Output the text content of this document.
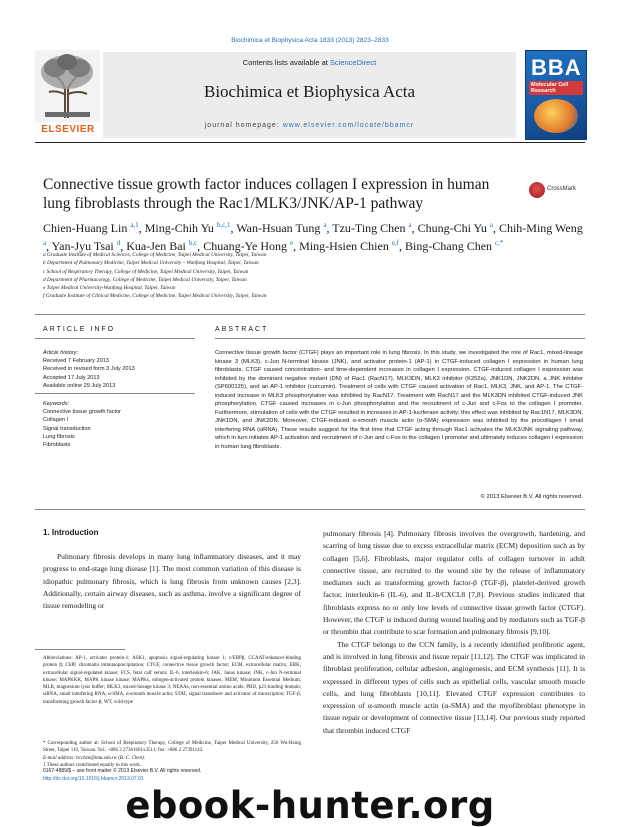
Biochimica et Biophysica Acta 1833 (2013) 2823–2833
ELSEVIER
Contents lists available at ScienceDirect
Biochimica et Biophysica Acta
journal homepage: www.elsevier.com/locate/bbamcr
BBA
Molecular Cell Research
Connective tissue growth factor induces collagen I expression in human lung fibroblasts through the Rac1/MLK3/JNK/AP-1 pathway
CrossMark
Chien-Huang Lin $^{a,1}$, Ming-Chih Yu $^{b,c,1}$, Wan-Hsuan Tung $^a$, Tzu-Ting Chen $^a$, Chung-Chi Yu $^a$, Chih-Ming Weng $^a$, Yan-Jyu Tsai $^d$, Kua-Jen Bai $^{b,c}$, Chuang-Ye Hong $^e$, Ming-Hsien Chien $^{e,f}$, Bing-Chang Chen $^{c,*}$
a Graduate Institute of Medical Sciences, College of Medicine, Taipei Medical University, Taipei, Taiwan
b Department of Pulmonary Medicine, Taipei Medical University – Wanfang Hospital, Taipei, Taiwan
c School of Respiratory Therapy, College of Medicine, Taipei Medical University, Taipei, Taiwan
d Department of Pharmacology, College of Medicine, Taipei Medical University, Taipei, Taiwan
e Taipei Medical University-Wanfang Hospital, Taipei, Taiwan
f Graduate Institute of Clinical Medicine, College of Medicine, Taipei Medical University, Taipei, Taiwan
ARTICLE INFO	ABSTRACT
Article history:
Received 7 February 2013
Received in revised form 3 July 2013
Accepted 17 July 2013
Available online 29 July 2013
Keywords:
Connective tissue growth factor
Collagen I
Signal transduction
Lung fibrosis
Fibroblasts
Connective tissue growth factor (CTGF) plays an important role in lung fibrosis. In this study, we investigated the role of Rac1, mixed-lineage kinase 3 (MLK3), c-Jun N-terminal kinase (JNK), and activator protein-1 (AP-1) in CTGF-induced collagen I expression in human lung fibroblasts. CTGF caused concentration- and time-dependent increases in collagen I expression. CTGF-induced collagen I expression was inhibited by the dominant negative mutant (DN) of Rac1 (RacN17), MLK3DN, MLK3 inhibitor (K252a), JNK1DN, JNK2DN, a JNK inhibitor (SP600125), and an AP-1 inhibitor (curcumin). Treatment of cells with CTGF caused activation of Rac1, MLK3, JNK, and AP-1. The CTGF-induced increase in MLK3 phosphorylation was inhibited by RacN17. Treatment with RacN17 and the MLK3DN inhibited CTGF-induced JNK phosphorylation. CTGF caused increases in c-Jun phosphorylation and the recruitment of c-Jun and c-Fos to the collagen I promoter. Furthermore, stimulation of cells with the CTGF resulted in increases in AP-1-luciferase activity; this effect was inhibited by Rac1N17, MLK3DN, JNK1DN, and JNK2DN. Moreover, CTGF-induced α-smooth muscle actin (α-SMA) expression was inhibited by the procollagen I small interfering RNA (siRNA). These results suggest for the first time that CTGF acting through Rac1 activates the MLK3/JNK signaling pathway, which in turn initiates AP-1 activation and recruitment of c-Jun and c-Fos to the collagen I promoter and ultimately induces collagen I expression in human lung fibroblasts.
© 2013 Elsevier B.V. All rights reserved.
1. Introduction

Pulmonary fibrosis develops in many lung inflammatory diseases, and it may progress to end-stage lung disease [1]. The most common variation of this disease is idiopathic pulmonary fibrosis, which is lung fibrosis from unknown causes [2,3]. Additionally, certain airway diseases, such as asthma, involve a significant degree of tissue remodeling or

pulmonary fibrosis [4]. Pulmonary fibrosis involves the overgrowth, hardening, and scarring of lung tissue due to excess extracellular matrix (ECM) deposition such as by collagen [5,6]. Fibroblasts, major regulator cells of collagen turnover in adult connective tissue, are recruited to the wound site by the release of inflammatory mediators such as transforming growth factor-β (TGF-β), platelet-derived growth factor, interleukin-6 (IL-6), and IL-8/CXCL8 [7,8]. Previous studies indicated that fibroblasts express no or only low levels of connective tissue growth factor (CTGF). However, the CTGF is induced during wound healing and by mediators such as TGF-β or thrombin that contribute to scar formation and pulmonary fibrosis [9,10].

The CTGF belongs to the CCN family, is a recently identified profibrotic agent, and is involved in lung fibrosis and tissue repair [11,12]. The CTGF was implicated in fibroblast proliferation, cellular adhesion, angiogenesis, and ECM synthesis [11]. It is expressed in different types of cells such as epithelial cells, vascular smooth muscle cells, and lung fibroblasts [10,11]. Elevated CTGF expression contributes to expression of α-smooth muscle actin (α-SMA) and the myofibroblast phenotype in tissue repair or development of connective tissue [13,14]. Our previous study reported that thrombin induced CTGF

Abbreviations: AP-1, activator protein-1; ASK1, apoptosis signal-regulating kinase 1; c/EBPβ, CCAAT/enhancer-binding protein β; ChIP, chromatin immunoprecipitation; CTGF, connective tissue growth factor; ECM, extracellular matrix; ERK, extracellular signal-regulated kinase; FCS, fetal calf serum; IL-6, interleukin-6; JAK, Janus kinase; JNK, c-Jun N-terminal kinase; MAPKKK, MAPK kinase kinase; MAPKs, mitogen-activated protein kinases; MEM, Minimum Essential Medium; MLB, magnesium lysis buffer; MLK3, mixed-lineage kinase 3; NEAAs, non-essential amino acids; PBD, p21-binding domain; siRNA, small interfering RNA; α-SMA, α-smooth muscle actin; STAT, signal transducer and activator of transcription; TGF-β, transforming growth factor-β; WT, wild-type
* Corresponding author at: School of Respiratory Therapy, College of Medicine, Taipei Medical University, 250 Wu-Hsing Street, Taipei 110, Taiwan. Tel.: +886 2 27361661x3511; fax: +886 2 27391143.
E-mail address: bcchen@tmu.edu.tw (B.-C. Chen).
1 These authors contributed equally to this work.
0167-4889/$ – see front matter © 2013 Elsevier B.V. All rights reserved.
http://dx.doi.org/10.1016/j.bbamcr.2013.07.01
ebook-hunter.org
